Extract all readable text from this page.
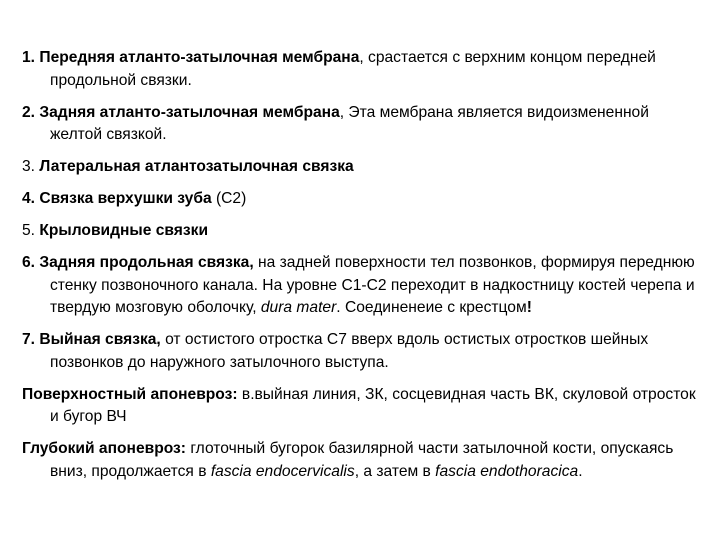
1. Передняя атланто-затылочная мембрана, срастается с верхним концом передней продольной связки.

2. Задняя атланто-затылочная мембрана, Эта мембрана является видоизмененной желтой связкой.

3. Латеральная атлантозатылочная связка

4. Связка верхушки зуба (С2)

5. Крыловидные связки

6. Задняя продольная связка, на задней поверхности тел позвонков, формируя переднюю стенку позвоночного канала. На уровне С1-С2 переходит в надкостницу костей черепа и твердую мозговую оболочку, dura mater. Соединенеие с крестцом!

7. Выйная связка, от остистого отростка С7 вверх вдоль остистых отростков шейных позвонков до наружного затылочного выступа.

Поверхностный апоневроз: в.выйная линия, ЗК, сосцевидная часть ВК, скуловой отросток и бугор ВЧ

Глубокий апоневроз: глоточный бугорок базилярной части затылочной кости, опускаясь вниз, продолжается в fascia endocervicalis, а затем в fascia endothoracica.
